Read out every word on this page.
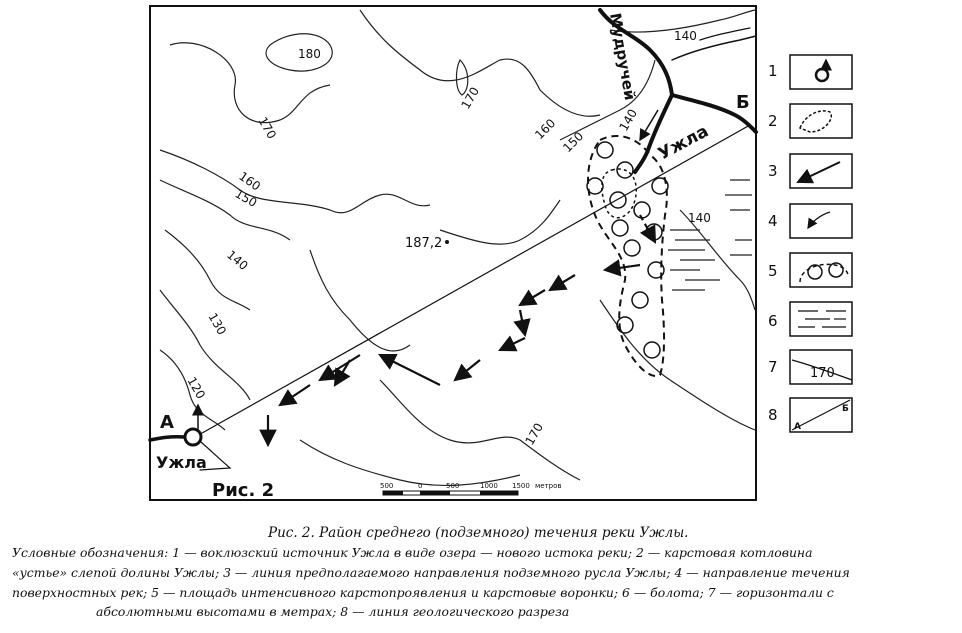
180
170
170
160
160
150
150
140
140
140
130
120
170
140
187,2
Ужла
Ужла
Мудручей
А
Б
Рис. 2	500	0	500	1000 1500 метров
1
2
3
4
5
6
7 170
8
А
Б
Рис. 2. Район среднего (подземного) течения реки Ужлы.
Условные обозначения: 1 — воклюзский источник Ужла в виде озера — нового истока реки; 2 — карстовая котловина
«устье» слепой долины Ужлы; 3 — линия предполагаемого направления подземного русла Ужлы; 4 — направление течения
поверхностных рек; 5 — площадь интенсивного карстопроявления и карстовые воронки; 6 — болота; 7 — горизонтали с
абсолютными высотами в метрах; 8 — линия геологического разреза
